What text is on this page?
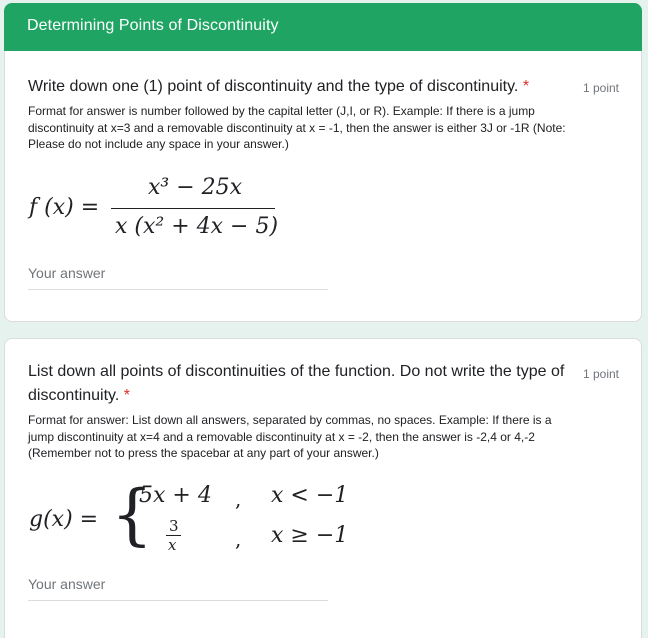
Determining Points of Discontinuity
Write down one (1) point of discontinuity and the type of discontinuity. *	1 point
Format for answer is number followed by the capital letter (J,I, or R). Example: If there is a jump discontinuity at x=3 and a removable discontinuity at x = -1, then the answer is either 3J or -1R (Note: Please do not include any space in your answer.)
f (x) =
x³ − 25x
x (x² + 4x − 5)
Your answer
List down all points of discontinuities of the function. Do not write the type of discontinuity. *
1 point
Format for answer: List down all answers, separated by commas, no spaces. Example: If there is a jump discontinuity at x=4 and a removable discontinuity at x = -2, then the answer is -2,4 or 4,-2 (Remember not to press the spacebar at any part of your answer.)
g(x) = {
5x + 4 , x < −1
3
x	, x ≥ −1
Your answer
